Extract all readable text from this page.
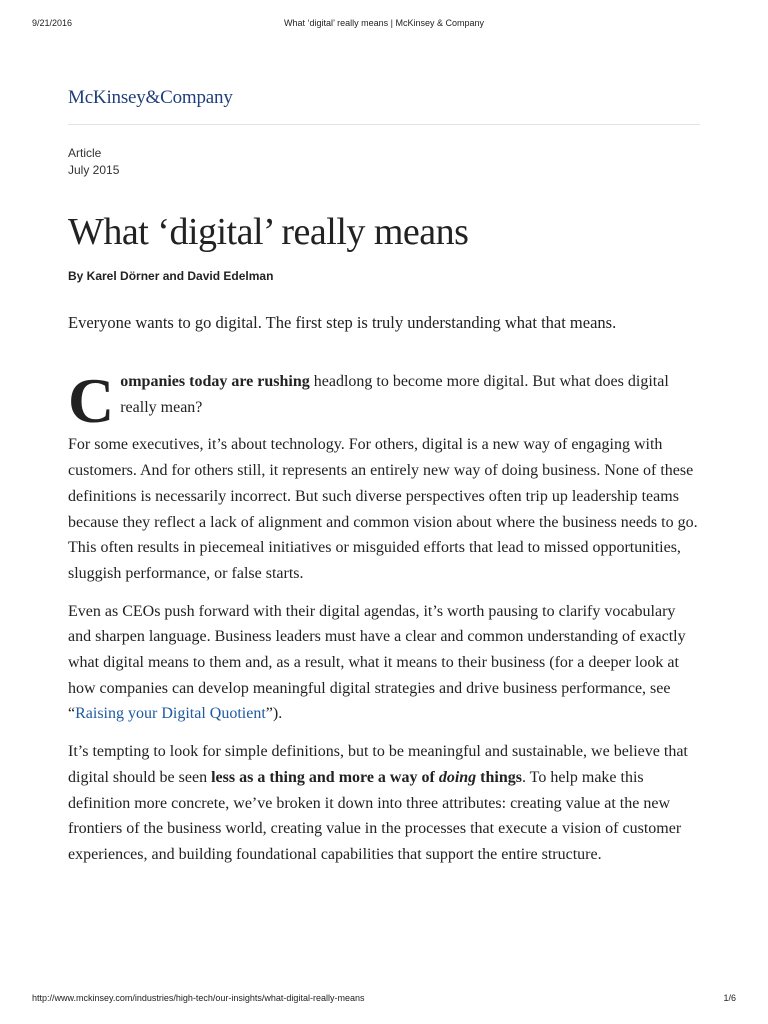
9/21/2016	What ‘digital’ really means | McKinsey & Company
McKinsey&Company
Article
July 2015
What ‘digital’ really means
By Karel Dörner and David Edelman
Everyone wants to go digital. The first step is truly understanding what that means.

Companies today are rushing headlong to become more digital. But what does digital really mean?

For some executives, it’s about technology. For others, digital is a new way of engaging with customers. And for others still, it represents an entirely new way of doing business. None of these definitions is necessarily incorrect. But such diverse perspectives often trip up leadership teams because they reflect a lack of alignment and common vision about where the business needs to go. This often results in piecemeal initiatives or misguided efforts that lead to missed opportunities, sluggish performance, or false starts.

Even as CEOs push forward with their digital agendas, it’s worth pausing to clarify vocabulary and sharpen language. Business leaders must have a clear and common understanding of exactly what digital means to them and, as a result, what it means to their business (for a deeper look at how companies can develop meaningful digital strategies and drive business performance, see “Raising your Digital Quotient”).

It’s tempting to look for simple definitions, but to be meaningful and sustainable, we believe that digital should be seen less as a thing and more a way of doing things. To help make this definition more concrete, we’ve broken it down into three attributes: creating value at the new frontiers of the business world, creating value in the processes that execute a vision of customer experiences, and building foundational capabilities that support the entire structure.

http://www.mckinsey.com/industries/high-tech/our-insights/what-digital-really-means	1/6
